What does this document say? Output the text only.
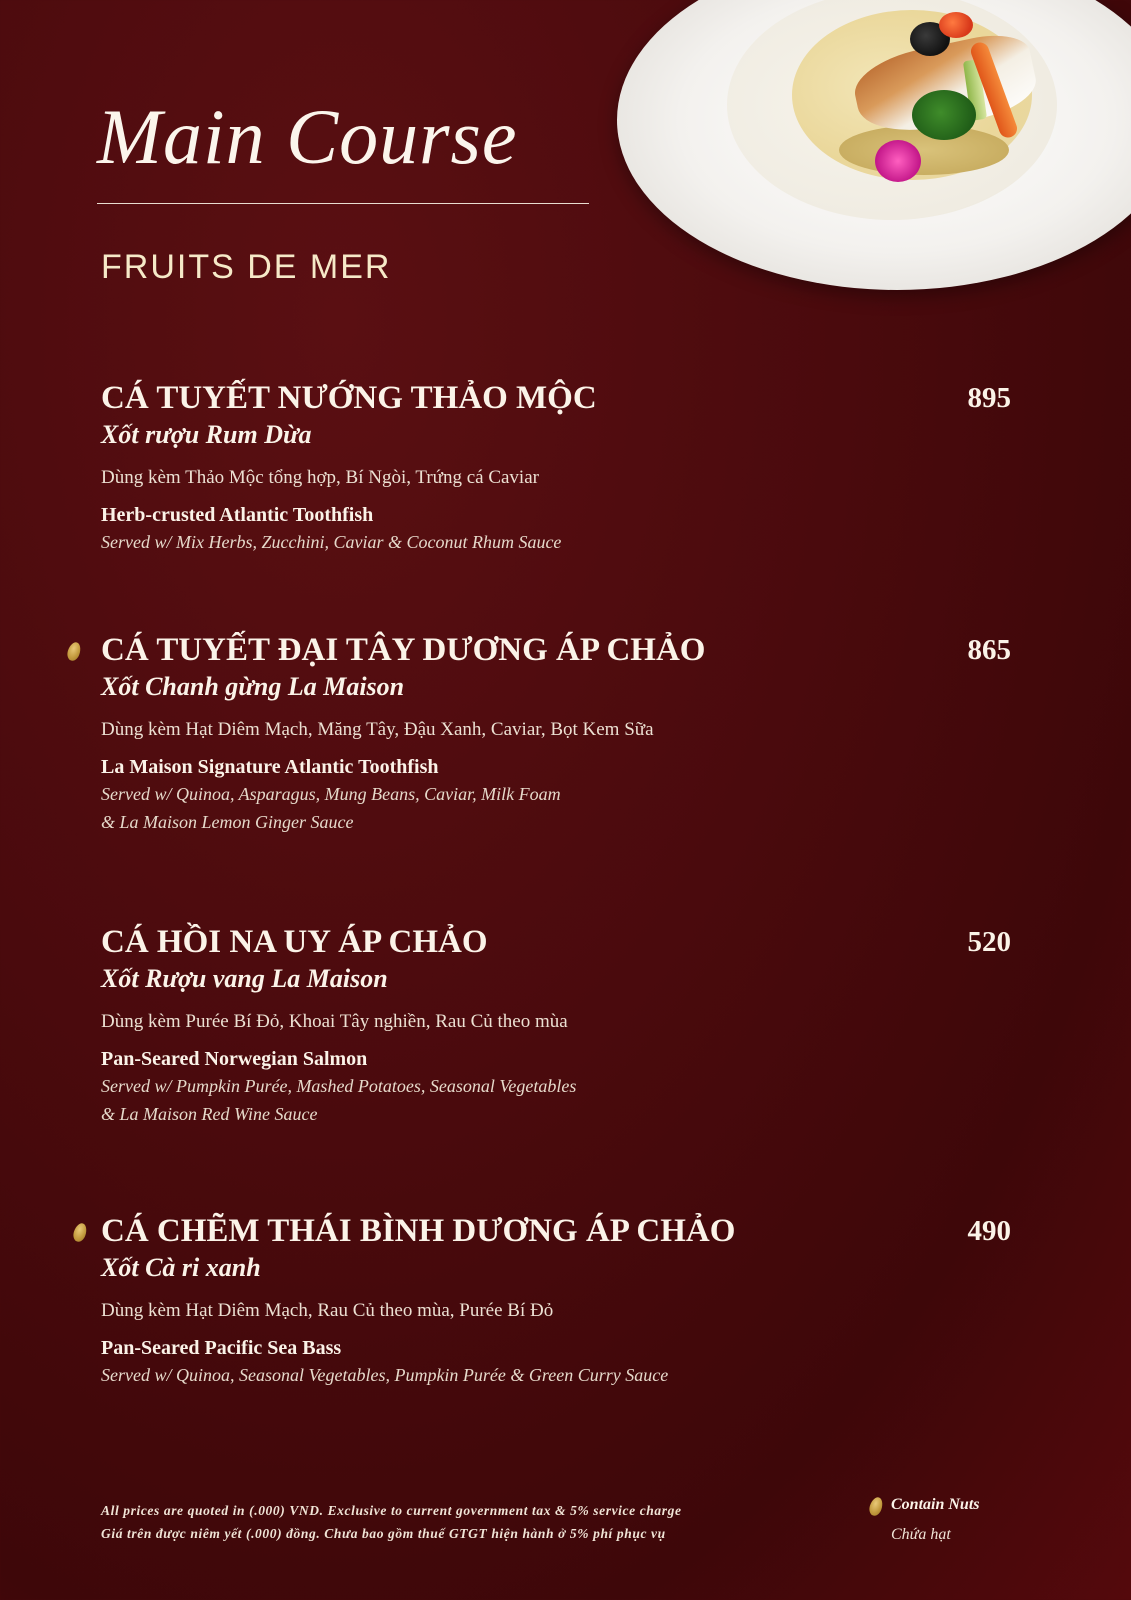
Main Course
FRUITS DE MER
CÁ TUYẾT NƯỚNG THẢO MỘC	895
Xốt rượu Rum Dừa
Dùng kèm Thảo Mộc tổng hợp, Bí Ngòi, Trứng cá Caviar
Herb-crusted Atlantic Toothfish
Served w/ Mix Herbs, Zucchini, Caviar & Coconut Rhum Sauce
CÁ TUYẾT ĐẠI TÂY DƯƠNG ÁP CHẢO	865
Xốt Chanh gừng La Maison
Dùng kèm Hạt Diêm Mạch, Măng Tây, Đậu Xanh, Caviar, Bọt Kem Sữa
La Maison Signature Atlantic Toothfish
Served w/ Quinoa, Asparagus, Mung Beans, Caviar, Milk Foam
& La Maison Lemon Ginger Sauce
CÁ HỒI NA UY ÁP CHẢO	520
Xốt Rượu vang La Maison
Dùng kèm Purée Bí Đỏ, Khoai Tây nghiền, Rau Củ theo mùa
Pan-Seared Norwegian Salmon
Served w/ Pumpkin Purée, Mashed Potatoes, Seasonal Vegetables
& La Maison Red Wine Sauce
CÁ CHẼM THÁI BÌNH DƯƠNG ÁP CHẢO	490
Xốt Cà ri xanh
Dùng kèm Hạt Diêm Mạch, Rau Củ theo mùa, Purée Bí Đỏ
Pan-Seared Pacific Sea Bass
Served w/ Quinoa, Seasonal Vegetables, Pumpkin Purée & Green Curry Sauce
All prices are quoted in (.000) VND. Exclusive to current government tax & 5% service charge
Giá trên được niêm yết (.000) đồng. Chưa bao gồm thuế GTGT hiện hành ở 5% phí phục vụ
Contain Nuts
Chứa hạt
